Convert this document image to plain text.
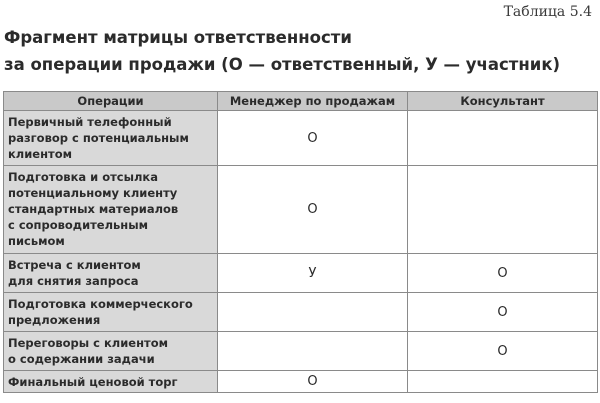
Таблица 5.4
Фрагмент матрицы ответственности
за операции продажи (О — ответственный, У — участник)
Операции	Менеджер по продажам	Консультант
Первичный телефонный
разговор с потенциальным
клиентом	О	
Подготовка и отсылка
потенциальному клиенту
стандартных материалов
с сопроводительным
письмом	О	
Встреча с клиентом
для снятия запроса	У	О
Подготовка коммерческого
предложения		О
Переговоры с клиентом
о содержании задачи		О
Финальный ценовой торг	О	
